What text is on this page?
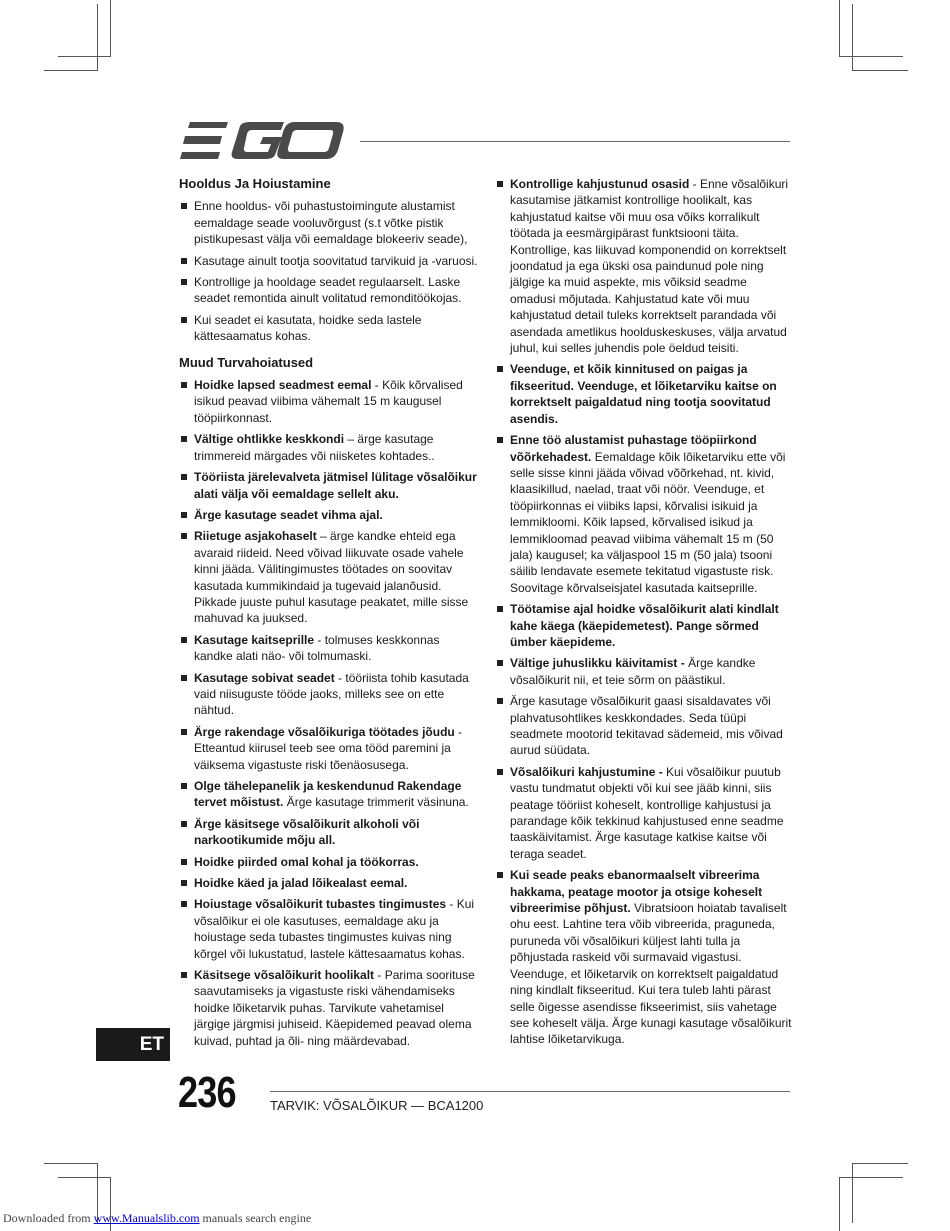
Hooldus Ja Hoiustamine
Enne hooldus- või puhastustoimingute alustamist eemaldage seade vooluvõrgust (s.t võtke pistik pistikupesast välja või eemaldage blokeeriv seade),
Kasutage ainult tootja soovitatud tarvikuid ja -varuosi.
Kontrollige ja hooldage seadet regulaarselt. Laske seadet remontida ainult volitatud remonditöökojas.
Kui seadet ei kasutata, hoidke seda lastele kättesaamatus kohas.
Muud Turvahoiatused
Hoidke lapsed seadmest eemal - Kõik kõrvalised isikud peavad viibima vähemalt 15 m kaugusel tööpiirkonnast.
Vältige ohtlikke keskkondi – ärge kasutage trimmereid märgades või niisketes kohtades..
Tööriista järelevalveta jätmisel lülitage võsalõikur alati välja või eemaldage sellelt aku.
Ärge kasutage seadet vihma ajal.
Riietuge asjakohaselt – ärge kandke ehteid ega avaraid riideid. Need võivad liikuvate osade vahele kinni jääda. Välitingimustes töötades on soovitav kasutada kummikindaid ja tugevaid jalanõusid. Pikkade juuste puhul kasutage peakatet, mille sisse mahuvad ka juuksed.
Kasutage kaitseprille - tolmuses keskkonnas kandke alati näo- või tolmumaski.
Kasutage sobivat seadet - tööriista tohib kasutada vaid niisuguste tööde jaoks, milleks see on ette nähtud.
Ärge rakendage võsalõikuriga töötades jõudu - Etteantud kiirusel teeb see oma tööd paremini ja väiksema vigastuste riski tõenäosusega.
Olge tähelepanelik ja keskendunud Rakendage tervet mõistust. Ärge kasutage trimmerit väsinuna.
Ärge käsitsege võsalõikurit alkoholi või narkootikumide mõju all.
Hoidke piirded omal kohal ja töökorras.
Hoidke käed ja jalad lõikealast eemal.
Hoiustage võsalõikurit tubastes tingimustes - Kui võsalõikur ei ole kasutuses, eemaldage aku ja hoiustage seda tubastes tingimustes kuivas ning kõrgel või lukustatud, lastele kättesaamatus kohas.
Käsitsege võsalõikurit hoolikalt - Parima soorituse saavutamiseks ja vigastuste riski vähendamiseks hoidke lõiketarvik puhas. Tarvikute vahetamisel järgige järgmisi juhiseid. Käepidemed peavad olema kuivad, puhtad ja õli- ning määrdevabad.
Kontrollige kahjustunud osasid - Enne võsalõikuri kasutamise jätkamist kontrollige hoolikalt, kas kahjustatud kaitse või muu osa võiks korralikult töötada ja eesmärgipärast funktsiooni täita. Kontrollige, kas liikuvad komponendid on korrektselt joondatud ja ega ükski osa paindunud pole ning jälgige ka muid aspekte, mis võiksid seadme omadusi mõjutada. Kahjustatud kate või muu kahjustatud detail tuleks korrektselt parandada või asendada ametlikus hoolduskeskuses, välja arvatud juhul, kui selles juhendis pole öeldud teisiti.
Veenduge, et kõik kinnitused on paigas ja fikseeritud. Veenduge, et lõiketarviku kaitse on korrektselt paigaldatud ning tootja soovitatud asendis.
Enne töö alustamist puhastage tööpiirkond võõrkehadest. Eemaldage kõik lõiketarviku ette või selle sisse kinni jääda võivad võõrkehad, nt. kivid, klaasikillud, naelad, traat või nöör. Veenduge, et tööpiirkonnas ei viibiks lapsi, kõrvalisi isikuid ja lemmikloomi. Kõik lapsed, kõrvalised isikud ja lemmikloomad peavad viibima vähemalt 15 m (50 jala) kaugusel; ka väljaspool 15 m (50 jala) tsooni säilib lendavate esemete tekitatud vigastuste risk. Soovitage kõrvalseisjatel kasutada kaitseprille.
Töötamise ajal hoidke võsalõikurit alati kindlalt kahe käega (käepidemetest). Pange sõrmed ümber käepideme.
Vältige juhuslikku käivitamist - Ärge kandke võsalõikurit nii, et teie sõrm on päästikul.
Ärge kasutage võsalõikurit gaasi sisaldavates või plahvatusohtlikes keskkondades. Seda tüüpi seadmete mootorid tekitavad sädemeid, mis võivad aurud süüdata.
Võsalõikuri kahjustumine - Kui võsalõikur puutub vastu tundmatut objekti või kui see jääb kinni, siis peatage tööriist koheselt, kontrollige kahjustusi ja parandage kõik tekkinud kahjustused enne seadme taaskäivitamist. Ärge kasutage katkise kaitse või teraga seadet.
Kui seade peaks ebanormaalselt vibreerima hakkama, peatage mootor ja otsige koheselt vibreerimise põhjust. Vibratsioon hoiatab tavaliselt ohu eest. Lahtine tera võib vibreerida, praguneda, puruneda või võsalõikuri küljest lahti tulla ja põhjustada raskeid või surmavaid vigastusi. Veenduge, et lõiketarvik on korrektselt paigaldatud ning kindlalt fikseeritud. Kui tera tuleb lahti pärast selle õigesse asendisse fikseerimist, siis vahetage see koheselt välja. Ärge kunagi kasutage võsalõikurit lahtise lõiketarvikuga.
ET
236	TARVIK: VÕSALÕIKUR — BCA1200
Downloaded from www.Manualslib.com manuals search engine
